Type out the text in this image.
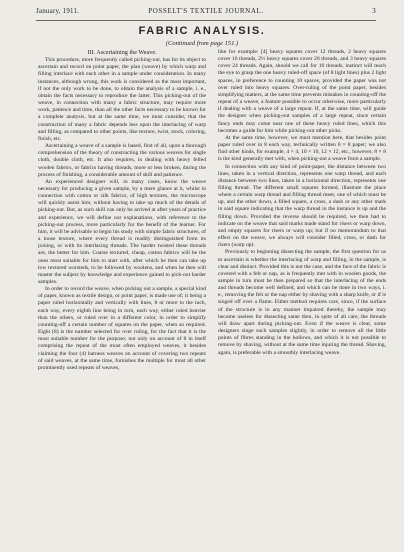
January, 1911.	POSSELT'S TEXTILE JOURNAL.	3
FABRIC ANALYSIS.
(Continued from page 151.)
III. Ascertaining the Weave.

This procedure, more frequently called picking-out, has for its object to ascertain and record on point paper, the plan (weave) by which warp and filling interlace with each other in a sample under consideration. In many instances, although wrong, this work is considered as the most important, if not the only work to be done, to obtain the analysis of a sample, i. e., obtain the facts necessary to reproduce the latter. This picking-out of the weave, in connection with many a fabric structure, may require more work, patience and time, than all the other facts necessary to be known for a complete analysis, but at the same time, we must consider, that the construction of many a fabric depends less upon the interlacing of warp and filling, as compared to other points, like texture, twist, stock, coloring, finish, etc.

Ascertaining a weave of a sample is based, first of all, upon a thorough comprehension of the theory of constructing the various weaves for single cloth, double cloth, etc. It also requires, in dealing with heavy felled woolen fabrics, or fabrics having threads, more or less broken, during the process of finishing, a considerable amount of skill and patience.

An experienced designer will, in many cases, know the weave necessary for producing a given sample, by a mere glance at it, whilst in connection with cotton or silk fabrics, of high textures, the microscope will quickly assist him, without having to take up much of the details of picking-out. But, as such skill can only be arrived at after years of practice and experience, we will define our explanations, with reference to the picking-out process, more particularly for the benefit of the learner. For him, it will be advisable to begin his study with simple fabric structures, of a loose texture, where every thread is readily distinguished from its joining, or with its interlacing threads. The harder twisted these threads are, the better for him. Coarse textured, cheap, cotton fabrics will be the ones most suitable for him to start with, after which he then can take up low textured worsteds, to be followed by woolens, and when he then will master the subject by knowledge and experience gained to pick-out harder samples.

In order to record the weave, when picking out a sample, a special kind of paper, known as textile design, or point paper, is made use of; it being a paper ruled horizontally and vertically with lines, 8 or more to the inch, each way, every eighth line being in turn, each way, either ruled heavier than the others, or ruled over in a different color, in order to simplify counting-off a certain number of squares on the paper, when so required. Eight (8) is the number selected for over ruling, for the fact that it is the most suitable number for the purpose; not only on account of 8 in itself comprising the repeat of the most often employed weaves, it besides claiming the four (4) harness weaves on account of covering two repeats of said weaves, at the same time, furnishes the multiple for most all other prominently used repeats of weaves,

like for example: [4] heavy squares cover 12 threads, 2 heavy squares cover 16 threads, 2½ heavy squares cover 20 threads, and 3 heavy squares cover 24 threads. Again, should we call for 10 threads, instinct will teach the eye to grasp the one heavy ruled-off space (of 8 light lines) plus 2 light spaces, in preference to counting 10 spaces, provided the paper was not over ruled into heavy squares. Over-ruling of the point paper, besides simplifying matters, at the same time prevents mistakes in counting-off the repeat of a weave, a feature possible to occur otherwise, more particularly if dealing with a weave of a large repeat. If, at the same time, will guide the designer when picking-out samples of a large repeat, since certain fancy ends may come near one of these heavy ruled lines, which this becomes a guide for him while picking-out other picks.

At the same time, however, we must mention here, that besides point paper ruled over in 8 each way, technically written 8 × 8 paper; we also find other kinds, for example, 4 × 4, 10 × 10, 12 × 12, etc., however, 8 × 8 is the kind generally met with, when picking-out a weave from a sample.

In connection with any kind of point-paper, the distance between two lines, taken in a vertical direction, represents one warp thread, and each distance between two lines, taken in a horizontal direction, represents one filling thread. The different small squares formed, illustrate the place where a certain warp thread and filling thread meet, one of which must be up, and the other down, a filled square, a cross, a dash or any other mark in said square indicating that the warp thread in the instance is up and the filling down. Provided the reverse should be required, we then had to indicate on the weave that said marks made stand for risers or warp down, and empty squares for risers or warp up; but if no memorandum to that effect on the weave, we always will consider filled, cross, or dash for risers (warp up).

Previously to beginning dissecting the sample, the first question for us to ascertain is whether the interlacing of warp and filling, in the sample, is clear and distinct. Provided this is not the case, and the face of the fabric is covered with a felt or nap, as is frequently met with in woolen goods, the sample in turn must be then prepared so that the interlacing of the ends and threads become well defined, and which can be done in two ways, i. e., removing the felt or the nap either by shaving with a sharp knife, or if is singed off over a flame. Either method requires care, since, if the surface of the structure is in any manner impaired thereby, the sample may become useless for dissecting same then, in spite of all care, the threads will draw apart during picking-out. Even if the weave is clear, some designers singe such samples slightly, in order to remove all the little points of fibres standing in the hollows, and which it is not possible to remove by shaving, without at the same time injuring the thread. Shaving, again, is preferable with a smoothly interlacing weave.
